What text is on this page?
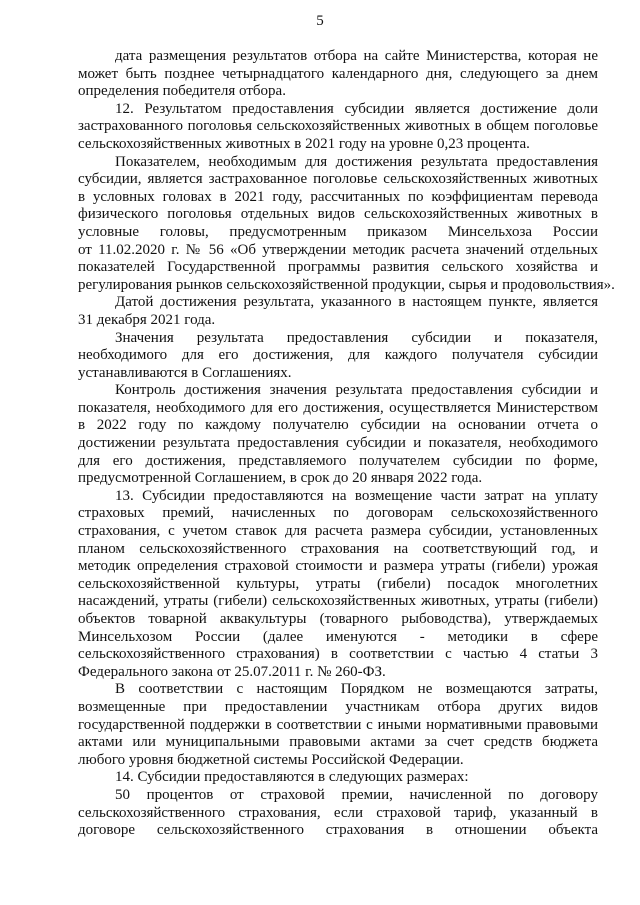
5
дата размещения результатов отбора на сайте Министерства, которая не
может быть позднее четырнадцатого календарного дня, следующего за днем
определения победителя отбора.
12. Результатом предоставления субсидии является достижение доли
застрахованного поголовья сельскохозяйственных животных в общем поголовье
сельскохозяйственных животных в 2021 году на уровне 0,23 процента.
Показателем, необходимым для достижения результата предоставления
субсидии, является застрахованное поголовье сельскохозяйственных животных
в условных головах в 2021 году, рассчитанных по коэффициентам перевода
физического поголовья отдельных видов сельскохозяйственных животных в
условные головы, предусмотренным приказом Минсельхоза России
от 11.02.2020 г. № 56 «Об утверждении методик расчета значений отдельных
показателей Государственной программы развития сельского хозяйства и
регулирования рынков сельскохозяйственной продукции, сырья и продовольствия».
Датой достижения результата, указанного в настоящем пункте, является
31 декабря 2021 года.
Значения результата предоставления субсидии и показателя,
необходимого для его достижения, для каждого получателя субсидии
устанавливаются в Соглашениях.
Контроль достижения значения результата предоставления субсидии и
показателя, необходимого для его достижения, осуществляется Министерством
в 2022 году по каждому получателю субсидии на основании отчета о
достижении результата предоставления субсидии и показателя, необходимого
для его достижения, представляемого получателем субсидии по форме,
предусмотренной Соглашением, в срок до 20 января 2022 года.
13. Субсидии предоставляются на возмещение части затрат на уплату
страховых премий, начисленных по договорам сельскохозяйственного
страхования, с учетом ставок для расчета размера субсидии, установленных
планом сельскохозяйственного страхования на соответствующий год, и
методик определения страховой стоимости и размера утраты (гибели) урожая
сельскохозяйственной культуры, утраты (гибели) посадок многолетних
насаждений, утраты (гибели) сельскохозяйственных животных, утраты (гибели)
объектов товарной аквакультуры (товарного рыбоводства), утверждаемых
Минсельхозом России (далее именуются - методики в сфере
сельскохозяйственного страхования) в соответствии с частью 4 статьи 3
Федерального закона от 25.07.2011 г. № 260-ФЗ.
В соответствии с настоящим Порядком не возмещаются затраты,
возмещенные при предоставлении участникам отбора других видов
государственной поддержки в соответствии с иными нормативными правовыми
актами или муниципальными правовыми актами за счет средств бюджета
любого уровня бюджетной системы Российской Федерации.
14. Субсидии предоставляются в следующих размерах:
50 процентов от страховой премии, начисленной по договору
сельскохозяйственного страхования, если страховой тариф, указанный в
договоре сельскохозяйственного страхования в отношении объекта
